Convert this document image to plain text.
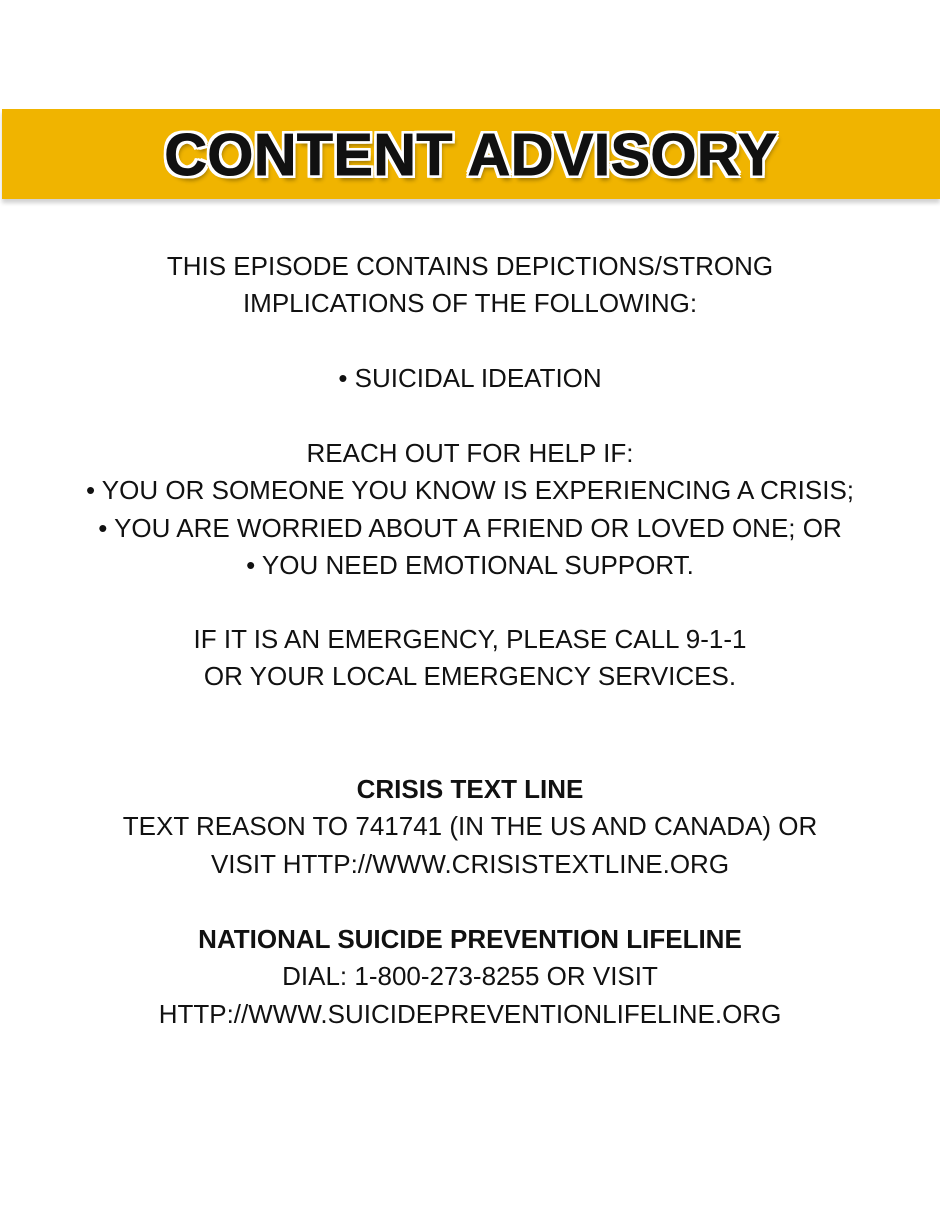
CONTENT ADVISORY
THIS EPISODE CONTAINS DEPICTIONS/STRONG
IMPLICATIONS OF THE FOLLOWING:
• SUICIDAL IDEATION
REACH OUT FOR HELP IF:
• YOU OR SOMEONE YOU KNOW IS EXPERIENCING A CRISIS;
• YOU ARE WORRIED ABOUT A FRIEND OR LOVED ONE; OR
• YOU NEED EMOTIONAL SUPPORT.
IF IT IS AN EMERGENCY, PLEASE CALL 9-1-1
OR YOUR LOCAL EMERGENCY SERVICES.
CRISIS TEXT LINE
TEXT REASON TO 741741 (IN THE US AND CANADA) OR
VISIT HTTP://WWW.CRISISTEXTLINE.ORG
NATIONAL SUICIDE PREVENTION LIFELINE
DIAL: 1-800-273-8255 OR VISIT
HTTP://WWW.SUICIDEPREVENTIONLIFELINE.ORG
